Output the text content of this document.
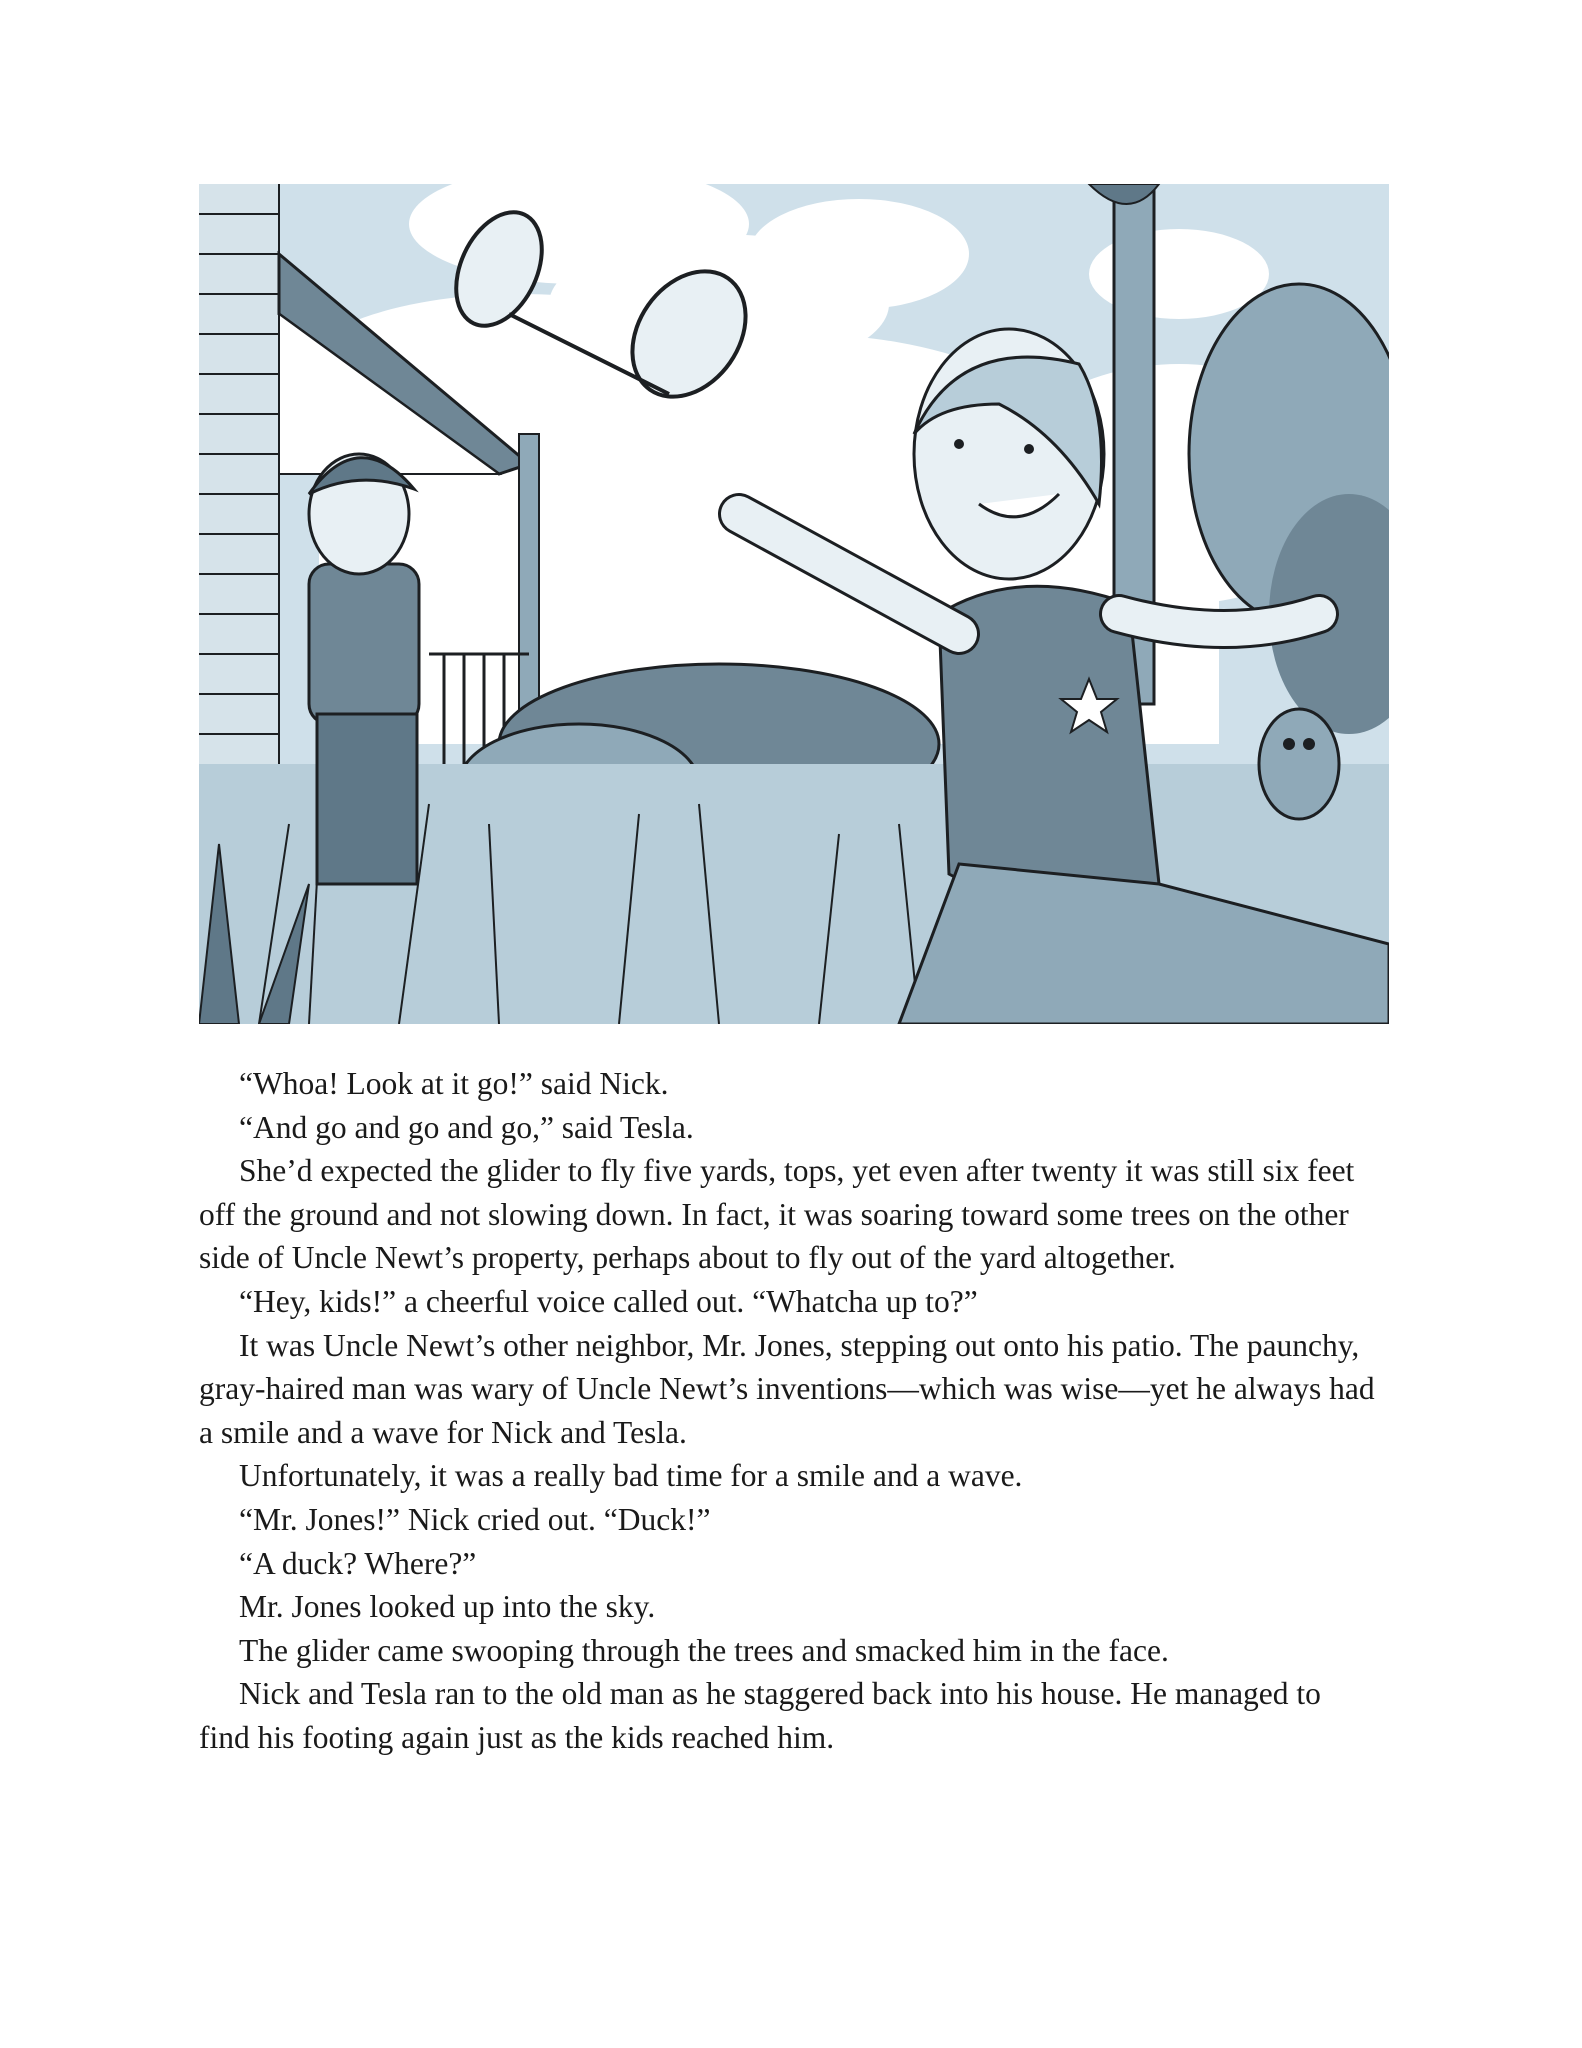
“Whoa! Look at it go!” said Nick.

“And go and go and go,” said Tesla.

She’d expected the glider to fly five yards, tops, yet even after twenty it was still six feet off the ground and not slowing down. In fact, it was soaring toward some trees on the other side of Uncle Newt’s property, perhaps about to fly out of the yard altogether.

“Hey, kids!” a cheerful voice called out. “Whatcha up to?”

It was Uncle Newt’s other neighbor, Mr. Jones, stepping out onto his patio. The paunchy, gray-haired man was wary of Uncle Newt’s inventions—which was wise—yet he always had a smile and a wave for Nick and Tesla.

Unfortunately, it was a really bad time for a smile and a wave.

“Mr. Jones!” Nick cried out. “Duck!”

“A duck? Where?”

Mr. Jones looked up into the sky.

The glider came swooping through the trees and smacked him in the face.

Nick and Tesla ran to the old man as he staggered back into his house. He managed to find his footing again just as the kids reached him.
